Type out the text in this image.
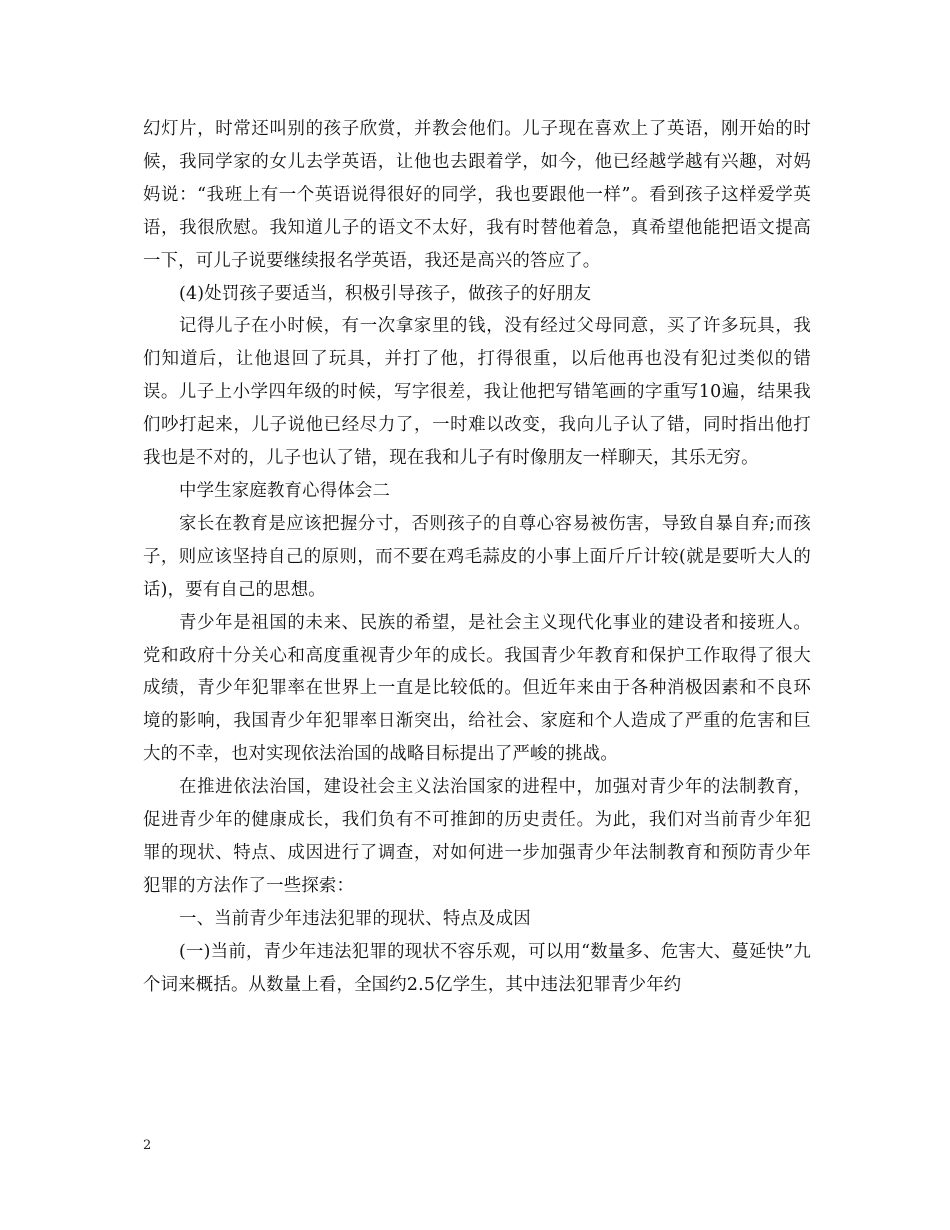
幻灯片，时常还叫别的孩子欣赏，并教会他们。儿子现在喜欢上了英语，刚开始的时候，我同学家的女儿去学英语，让他也去跟着学，如今，他已经越学越有兴趣，对妈妈说：“我班上有一个英语说得很好的同学，我也要跟他一样”。看到孩子这样爱学英语，我很欣慰。我知道儿子的语文不太好，我有时替他着急，真希望他能把语文提高一下，可儿子说要继续报名学英语，我还是高兴的答应了。

(4)处罚孩子要适当，积极引导孩子，做孩子的好朋友

记得儿子在小时候，有一次拿家里的钱，没有经过父母同意，买了许多玩具，我们知道后，让他退回了玩具，并打了他，打得很重，以后他再也没有犯过类似的错误。儿子上小学四年级的时候，写字很差，我让他把写错笔画的字重写10遍，结果我们吵打起来，儿子说他已经尽力了，一时难以改变，我向儿子认了错，同时指出他打我也是不对的，儿子也认了错，现在我和儿子有时像朋友一样聊天，其乐无穷。

中学生家庭教育心得体会二

家长在教育是应该把握分寸，否则孩子的自尊心容易被伤害，导致自暴自弃;而孩子，则应该坚持自己的原则，而不要在鸡毛蒜皮的小事上面斤斤计较(就是要听大人的话)，要有自己的思想。

青少年是祖国的未来、民族的希望，是社会主义现代化事业的建设者和接班人。党和政府十分关心和高度重视青少年的成长。我国青少年教育和保护工作取得了很大成绩，青少年犯罪率在世界上一直是比较低的。但近年来由于各种消极因素和不良环境的影响，我国青少年犯罪率日渐突出，给社会、家庭和个人造成了严重的危害和巨大的不幸，也对实现依法治国的战略目标提出了严峻的挑战。

在推进依法治国，建设社会主义法治国家的进程中，加强对青少年的法制教育，促进青少年的健康成长，我们负有不可推卸的历史责任。为此，我们对当前青少年犯罪的现状、特点、成因进行了调查，对如何进一步加强青少年法制教育和预防青少年犯罪的方法作了一些探索：

一、当前青少年违法犯罪的现状、特点及成因

(一)当前，青少年违法犯罪的现状不容乐观，可以用“数量多、危害大、蔓延快”九个词来概括。从数量上看，全国约2.5亿学生，其中违法犯罪青少年约

2
